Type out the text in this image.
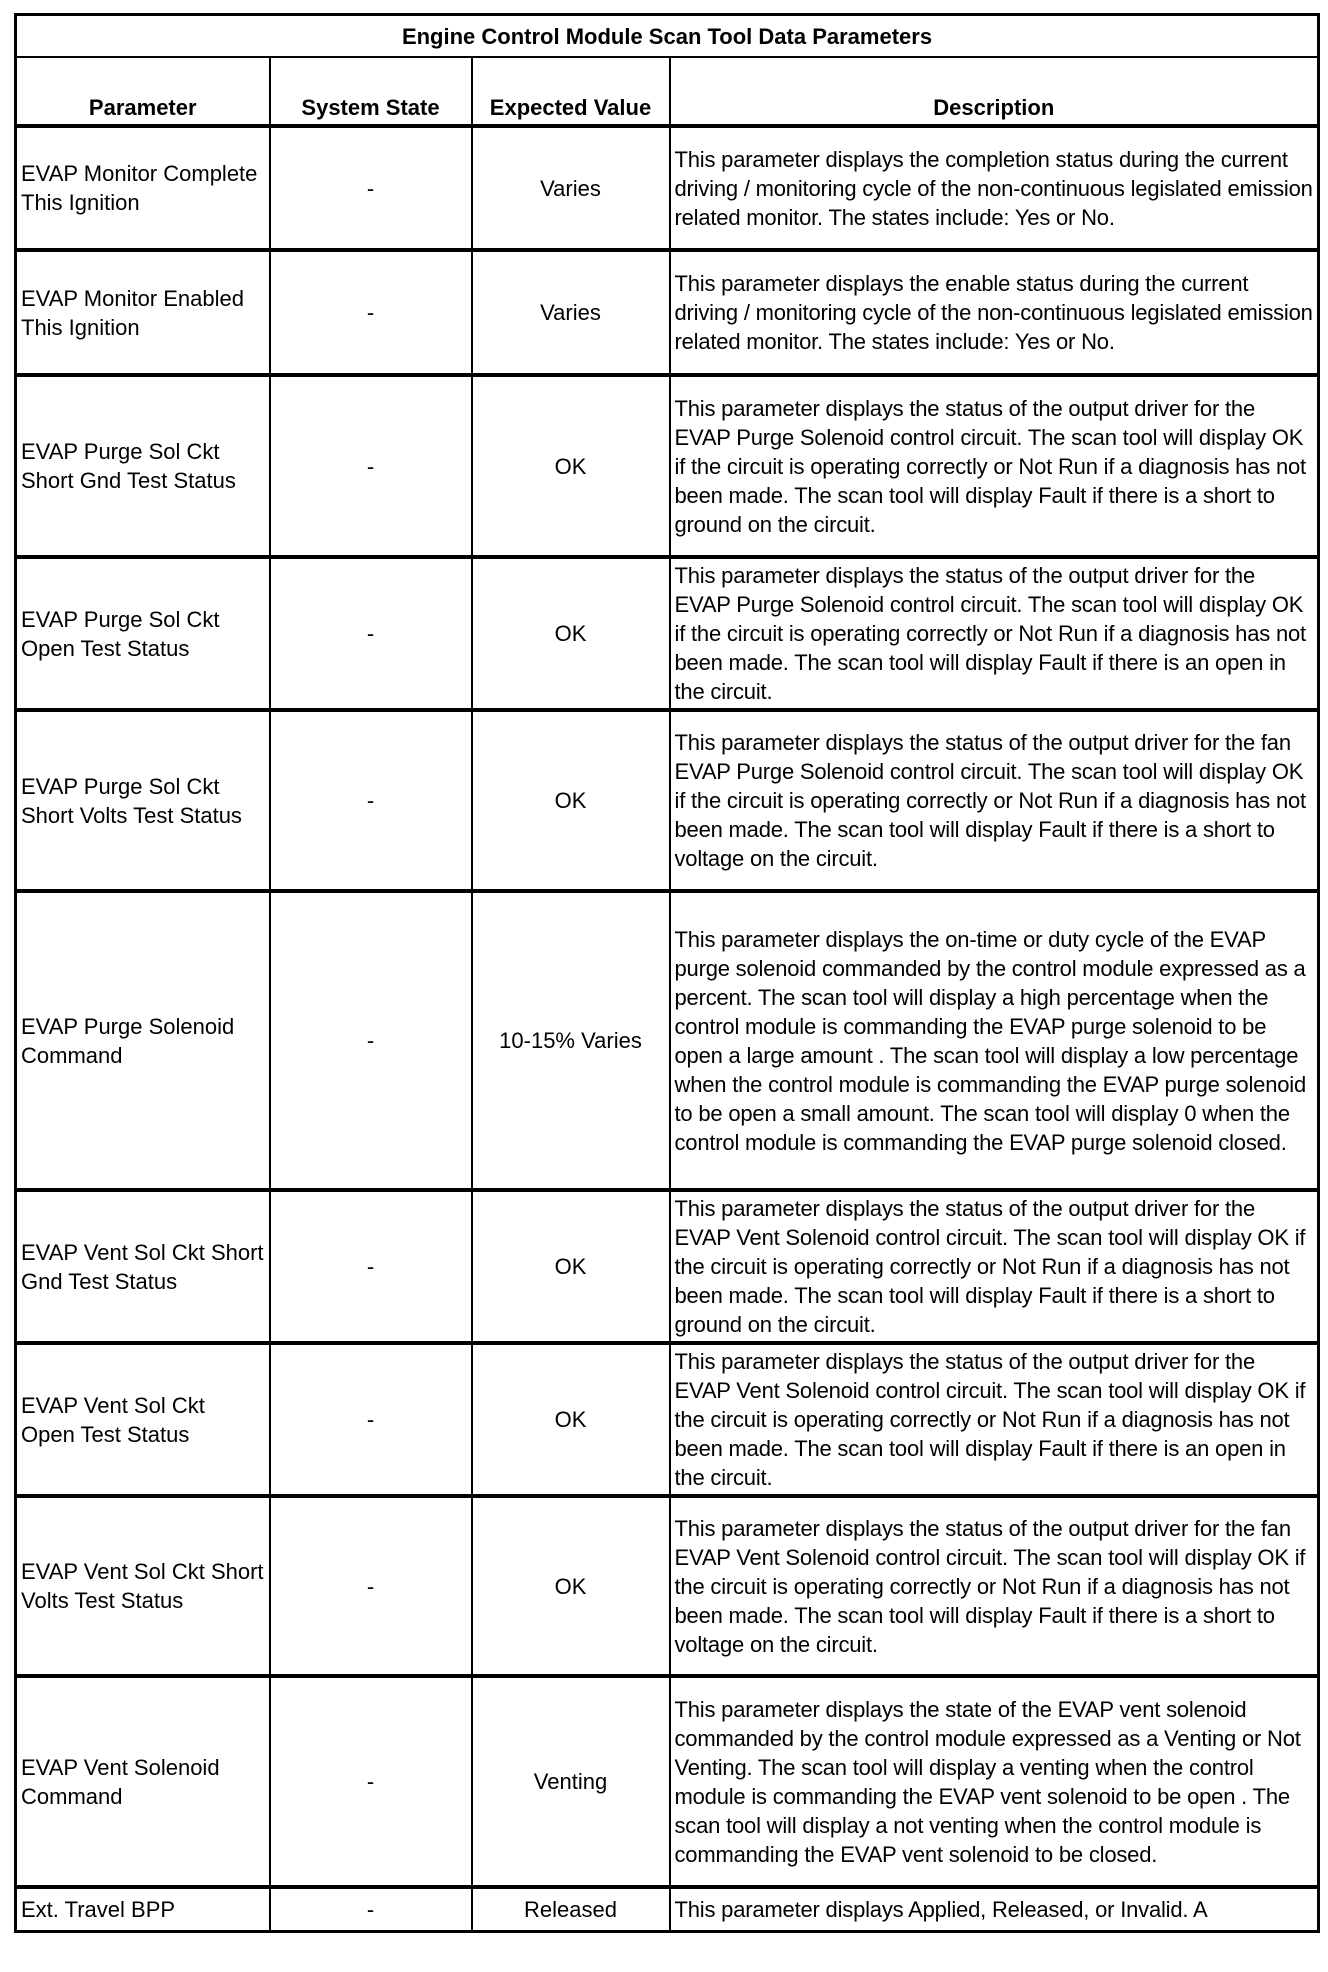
Engine Control Module Scan Tool Data Parameters			
Parameter	System State	Expected Value	Description
EVAP Monitor Complete This Ignition	-	Varies	This parameter displays the completion status during the current driving / monitoring cycle of the non-continuous legislated emission related monitor. The states include: Yes or No.
EVAP Monitor Enabled This Ignition	-	Varies	This parameter displays the enable status during the current driving / monitoring cycle of the non-continuous legislated emission related monitor. The states include: Yes or No.
EVAP Purge Sol Ckt Short Gnd Test Status	-	OK	This parameter displays the status of the output driver for the EVAP Purge Solenoid control circuit. The scan tool will display OK if the circuit is operating correctly or Not Run if a diagnosis has not been made. The scan tool will display Fault if there is a short to ground on the circuit.
EVAP Purge Sol Ckt Open Test Status	-	OK	This parameter displays the status of the output driver for the EVAP Purge Solenoid control circuit. The scan tool will display OK if the circuit is operating correctly or Not Run if a diagnosis has not been made. The scan tool will display Fault if there is an open in the circuit.
EVAP Purge Sol Ckt Short Volts Test Status	-	OK	This parameter displays the status of the output driver for the fan EVAP Purge Solenoid control circuit. The scan tool will display OK if the circuit is operating correctly or Not Run if a diagnosis has not been made. The scan tool will display Fault if there is a short to voltage on the circuit.
EVAP Purge Solenoid Command	-	10-15% Varies	This parameter displays the on-time or duty cycle of the EVAP purge solenoid commanded by the control module expressed as a percent. The scan tool will display a high percentage when the control module is commanding the EVAP purge solenoid to be open a large amount . The scan tool will display a low percentage when the control module is commanding the EVAP purge solenoid to be open a small amount. The scan tool will display 0 when the control module is commanding the EVAP purge solenoid closed.
EVAP Vent Sol Ckt Short Gnd Test Status	-	OK	This parameter displays the status of the output driver for the EVAP Vent Solenoid control circuit. The scan tool will display OK if the circuit is operating correctly or Not Run if a diagnosis has not been made. The scan tool will display Fault if there is a short to ground on the circuit.
EVAP Vent Sol Ckt Open Test Status	-	OK	This parameter displays the status of the output driver for the EVAP Vent Solenoid control circuit. The scan tool will display OK if the circuit is operating correctly or Not Run if a diagnosis has not been made. The scan tool will display Fault if there is an open in the circuit.
EVAP Vent Sol Ckt Short Volts Test Status	-	OK	This parameter displays the status of the output driver for the fan EVAP Vent Solenoid control circuit. The scan tool will display OK if the circuit is operating correctly or Not Run if a diagnosis has not been made. The scan tool will display Fault if there is a short to voltage on the circuit.
EVAP Vent Solenoid Command	-	Venting	This parameter displays the state of the EVAP vent solenoid commanded by the control module expressed as a Venting or Not Venting. The scan tool will display a venting when the control module is commanding the EVAP vent solenoid to be open . The scan tool will display a not venting when the control module is commanding the EVAP vent solenoid to be closed.
Ext. Travel BPP	-	Released	This parameter displays Applied, Released, or Invalid. A
